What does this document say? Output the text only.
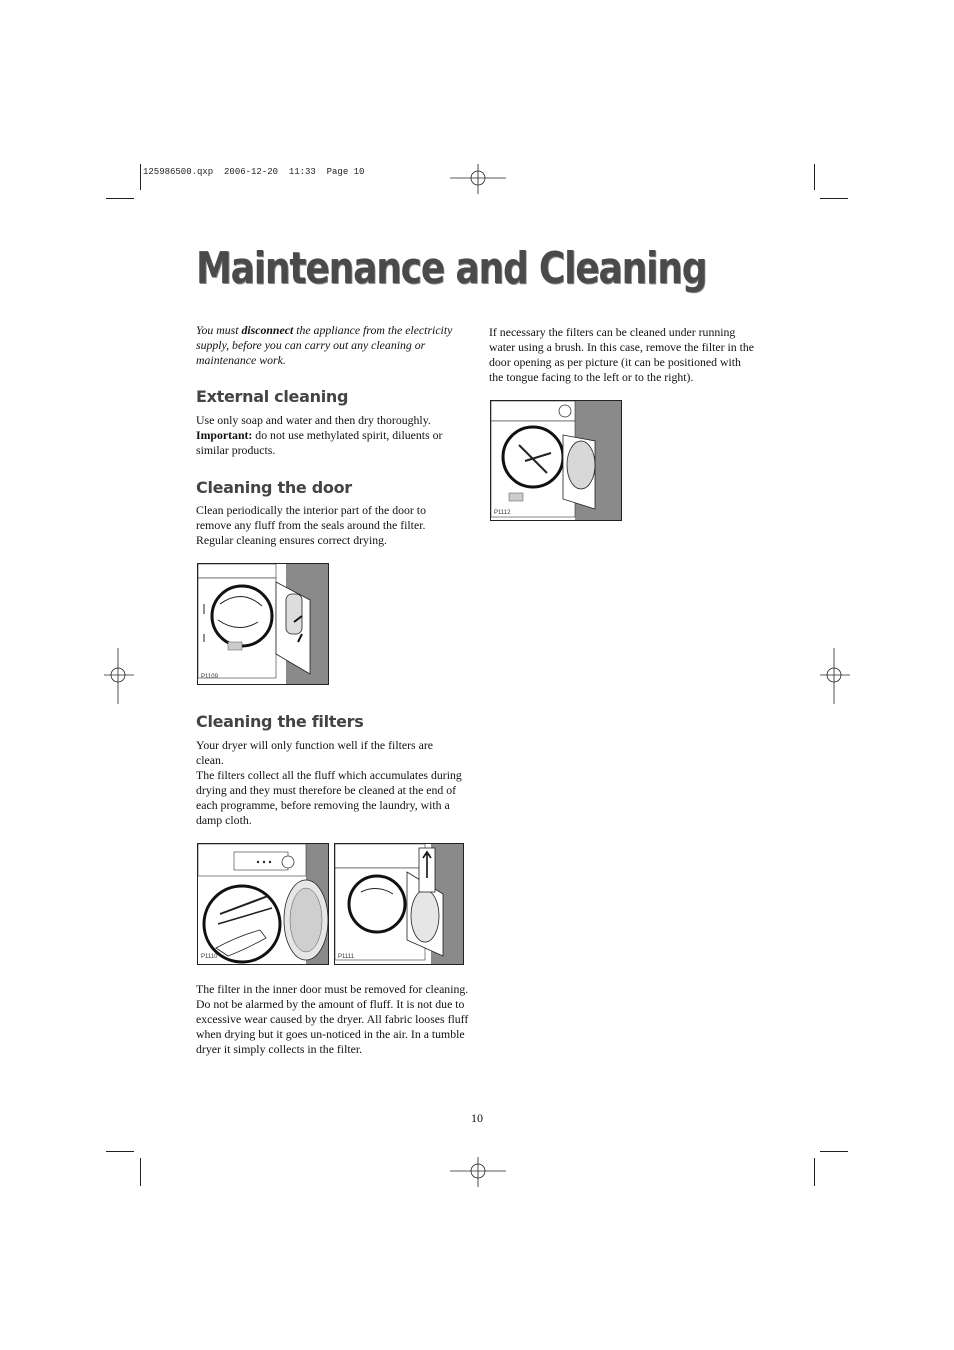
125986500.qxp  2006-12-20  11:33  Page 10
Maintenance and Cleaning
You must disconnect the appliance from the electricity supply, before you can carry out any cleaning or maintenance work.
External cleaning
Use only soap and water and then dry thoroughly.
Important: do not use methylated spirit, diluents or similar products.
Cleaning the door
Clean periodically the interior part of the door to remove any fluff from the seals around the filter. Regular cleaning ensures correct drying.
P1109
Cleaning the filters
Your dryer will only function well if the filters are clean.
The filters collect all the fluff which accumulates during drying and they must therefore be cleaned at the end of each programme, before removing the laundry, with a damp cloth.
P1110	P1111
The filter in the inner door must be removed for cleaning.
Do not be alarmed by the amount of fluff. It is not due to excessive wear caused by the dryer. All fabric looses fluff when drying but it goes un-noticed in the air. In a tumble dryer it simply collects in the filter.
If necessary the filters can be cleaned under running water using a brush. In this case, remove the filter in the door opening as per picture (it can be positioned with the tongue facing to the left or to the right).
P1112
10
